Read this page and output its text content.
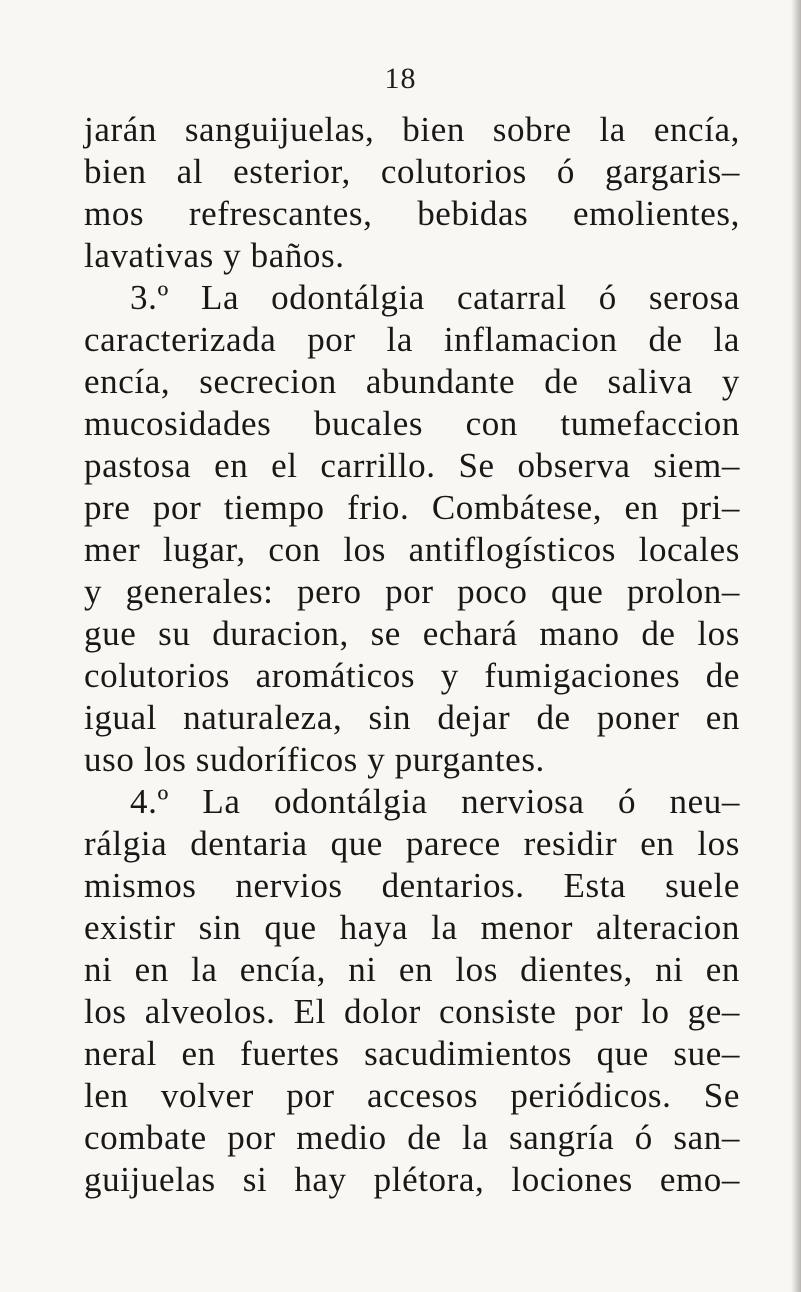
18
jarán sanguijuelas, bien sobre la encía,
bien al esterior, colutorios ó gargaris–
mos refrescantes, bebidas emolientes,
lavativas y baños.
3.º La odontálgia catarral ó serosa
caracterizada por la inflamacion de la
encía, secrecion abundante de saliva y
mucosidades bucales con tumefaccion
pastosa en el carrillo. Se observa siem–
pre por tiempo frio. Combátese, en pri–
mer lugar, con los antiflogísticos locales
y generales: pero por poco que prolon–
gue su duracion, se echará mano de los
colutorios aromáticos y fumigaciones de
igual naturaleza, sin dejar de poner en
uso los sudoríficos y purgantes.
4.º La odontálgia nerviosa ó neu–
rálgia dentaria que parece residir en los
mismos nervios dentarios. Esta suele
existir sin que haya la menor alteracion
ni en la encía, ni en los dientes, ni en
los alveolos. El dolor consiste por lo ge–
neral en fuertes sacudimientos que sue–
len volver por accesos periódicos. Se
combate por medio de la sangría ó san–
guijuelas si hay plétora, lociones emo–
